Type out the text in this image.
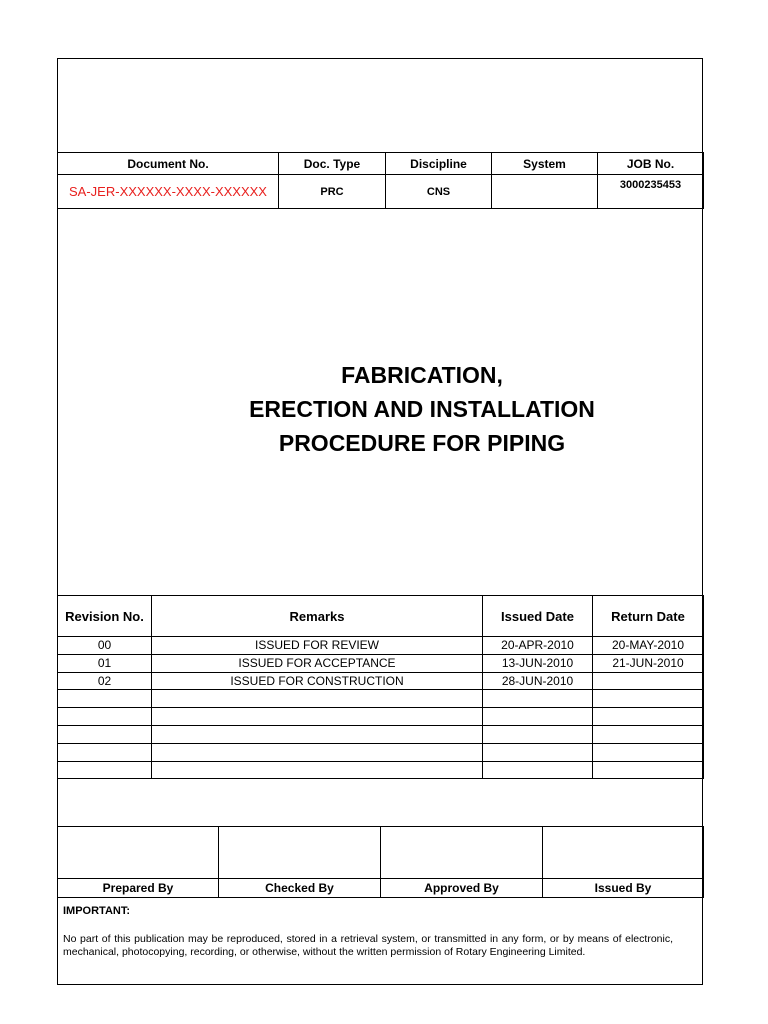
Document No.	Doc. Type	Discipline	System	JOB No.
SA-JER-XXXXXX-XXXX-XXXXXX	PRC	CNS		3000235453
FABRICATION,
ERECTION AND INSTALLATION
PROCEDURE FOR PIPING
Revision No.	Remarks	Issued Date	Return Date
00	ISSUED FOR REVIEW	20-APR-2010	20-MAY-2010
01	ISSUED FOR ACCEPTANCE	13-JUN-2010	21-JUN-2010
02	ISSUED FOR CONSTRUCTION	28-JUN-2010	

Prepared By	Checked By	Approved By	Issued By
IMPORTANT:
No part of this publication may be reproduced, stored in a retrieval system, or transmitted in any form, or by means of electronic, mechanical, photocopying, recording, or otherwise, without the written permission of Rotary Engineering Limited.
